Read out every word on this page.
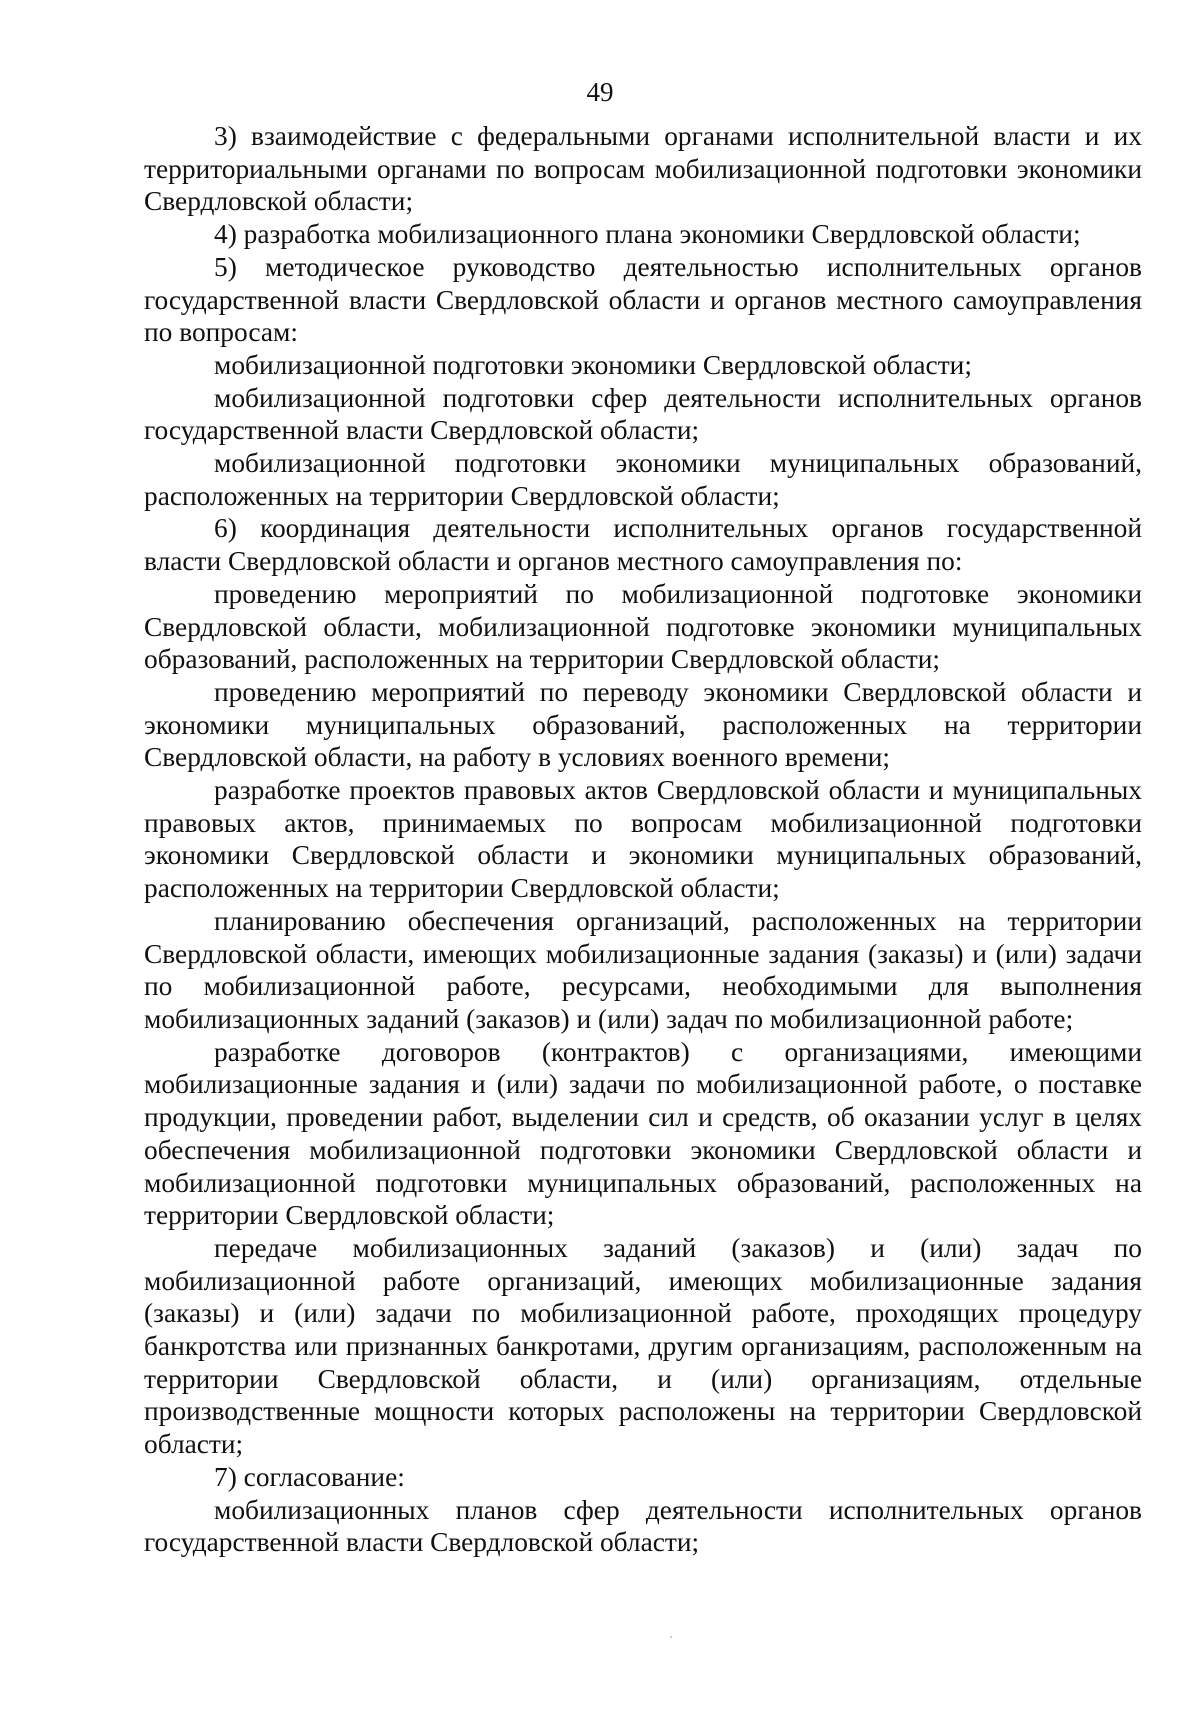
49

3) взаимодействие с федеральными органами исполнительной власти и их территориальными органами по вопросам мобилизационной подготовки экономики Свердловской области;

4) разработка мобилизационного плана экономики Свердловской области;

5) методическое руководство деятельностью исполнительных органов государственной власти Свердловской области и органов местного самоуправления по вопросам:

мобилизационной подготовки экономики Свердловской области;

мобилизационной подготовки сфер деятельности исполнительных органов государственной власти Свердловской области;

мобилизационной подготовки экономики муниципальных образований, расположенных на территории Свердловской области;

6) координация деятельности исполнительных органов государственной власти Свердловской области и органов местного самоуправления по:

проведению мероприятий по мобилизационной подготовке экономики Свердловской области, мобилизационной подготовке экономики муниципальных образований, расположенных на территории Свердловской области;

проведению мероприятий по переводу экономики Свердловской области и экономики муниципальных образований, расположенных на территории Свердловской области, на работу в условиях военного времени;

разработке проектов правовых актов Свердловской области и муниципальных правовых актов, принимаемых по вопросам мобилизационной подготовки экономики Свердловской области и экономики муниципальных образований, расположенных на территории Свердловской области;

планированию обеспечения организаций, расположенных на территории Свердловской области, имеющих мобилизационные задания (заказы) и (или) задачи по мобилизационной работе, ресурсами, необходимыми для выполнения мобилизационных заданий (заказов) и (или) задач по мобилизационной работе;

разработке договоров (контрактов) с организациями, имеющими мобилизационные задания и (или) задачи по мобилизационной работе, о поставке продукции, проведении работ, выделении сил и средств, об оказании услуг в целях обеспечения мобилизационной подготовки экономики Свердловской области и мобилизационной подготовки муниципальных образований, расположенных на территории Свердловской области;

передаче мобилизационных заданий (заказов) и (или) задач по мобилизационной работе организаций, имеющих мобилизационные задания (заказы) и (или) задачи по мобилизационной работе, проходящих процедуру банкротства или признанных банкротами, другим организациям, расположенным на территории Свердловской области, и (или) организациям, отдельные производственные мощности которых расположены на территории Свердловской области;

7) согласование:

мобилизационных планов сфер деятельности исполнительных органов государственной власти Свердловской области;
